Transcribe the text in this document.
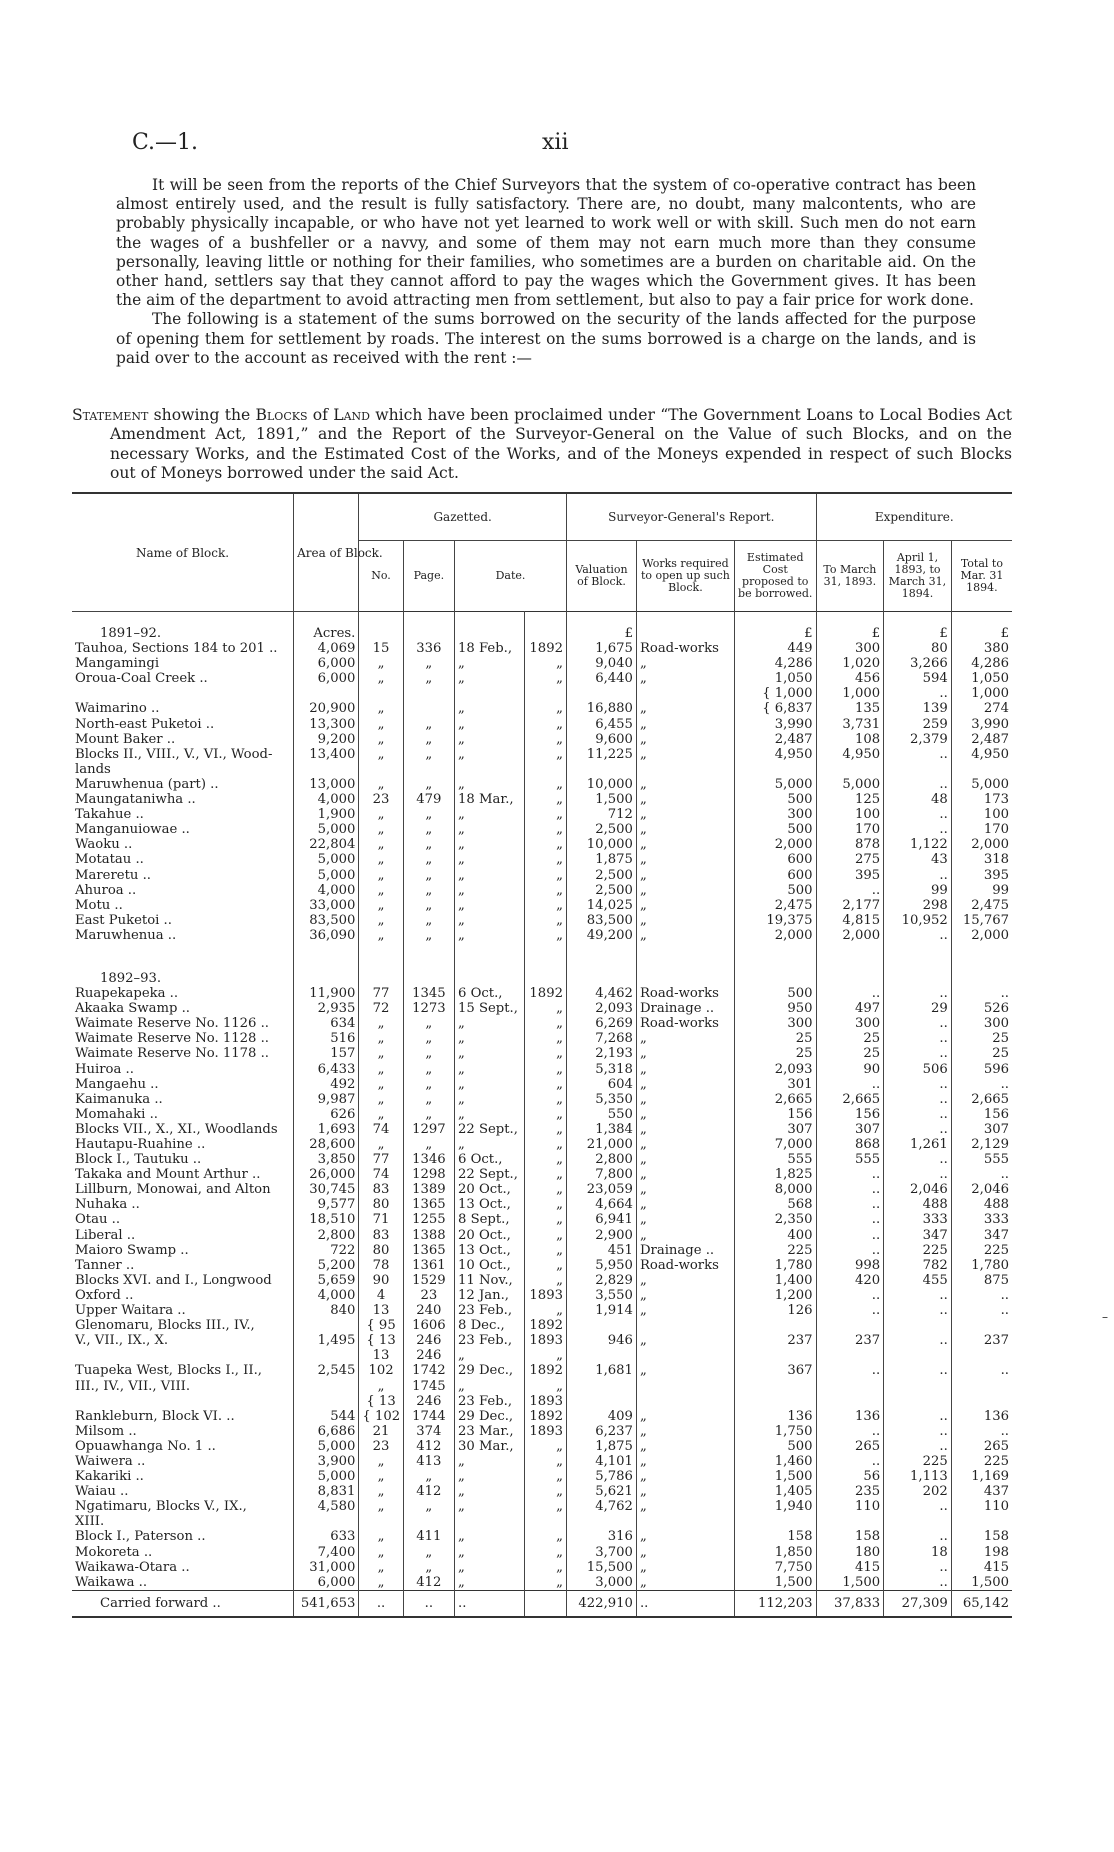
C.—1.	xii

It will be seen from the reports of the Chief Surveyors that the system of co-operative contract has been almost entirely used, and the result is fully satisfactory. There are, no doubt, many malcontents, who are probably physically incapable, or who have not yet learned to work well or with skill. Such men do not earn the wages of a bushfeller or a navvy, and some of them may not earn much more than they consume personally, leaving little or nothing for their families, who sometimes are a burden on charitable aid. On the other hand, settlers say that they cannot afford to pay the wages which the Government gives. It has been the aim of the department to avoid attracting men from settlement, but also to pay a fair price for work done.

The following is a statement of the sums borrowed on the security of the lands affected for the purpose of opening them for settlement by roads. The interest on the sums borrowed is a charge on the lands, and is paid over to the account as received with the rent :—

Statement showing the Blocks of Land which have been proclaimed under “The Government Loans to Local Bodies Act Amendment Act, 1891,” and the Report of the Surveyor-General on the Value of such Blocks, and on the necessary Works, and the Estimated Cost of the Works, and of the Moneys expended in respect of such Blocks out of Moneys borrowed under the said Act.
Name of Block.	Area of Block.	Gazetted.				Surveyor-General's Report.			Expenditure.		
		No.	Page.	Date.		Valuation of Block.	Works required to open up such Block.	Estimated Cost proposed to be borrowed.	To March 31, 1893.	April 1, 1893, to March 31, 1894.	Total to Mar. 31 1894.
1891–92.	Acres.					£		£	£	£	£
Tauhoa, Sections 184 to 201 ..	4,069	15	336	18 Feb.,	1892	1,675	Road-works	449	300	80	380
Mangamingi	6,000	„	„	„	„	9,040	„	4,286	1,020	3,266	4,286
Oroua-Coal Creek ..	6,000	„	„	„	„	6,440	„	1,050	456	594	1,050
								{ 1,000	1,000	..	1,000
Waimarino ..	20,900	„		„	„	16,880	„	{ 6,837	135	139	274
North-east Puketoi ..	13,300	„	„	„	„	6,455	„	3,990	3,731	259	3,990
Mount Baker ..	9,200	„	„	„	„	9,600	„	2,487	108	2,379	2,487
Blocks II., VIII., V., VI., Wood-	13,400	„	„	„	„	11,225	„	4,950	4,950	..	4,950
lands											
Maruwhenua (part) ..	13,000	„	„	„	„	10,000	„	5,000	5,000	..	5,000
Maungataniwha ..	4,000	23	479	18 Mar.,	„	1,500	„	500	125	48	173
Takahue ..	1,900	„	„	„	„	712	„	300	100	..	100
Manganuiowae ..	5,000	„	„	„	„	2,500	„	500	170	..	170
Waoku ..	22,804	„	„	„	„	10,000	„	2,000	878	1,122	2,000
Motatau ..	5,000	„	„	„	„	1,875	„	600	275	43	318
Mareretu ..	5,000	„	„	„	„	2,500	„	600	395	..	395
Ahuroa ..	4,000	„	„	„	„	2,500	„	500	..	99	99
Motu ..	33,000	„	„	„	„	14,025	„	2,475	2,177	298	2,475
East Puketoi ..	83,500	„	„	„	„	83,500	„	19,375	4,815	10,952	15,767
Maruwhenua ..	36,090	„	„	„	„	49,200	„	2,000	2,000	..	2,000

1892–93.											
Ruapekapeka ..	11,900	77	1345	6 Oct.,	1892	4,462	Road-works	500	..	..	..
Akaaka Swamp ..	2,935	72	1273	15 Sept.,	„	2,093	Drainage ..	950	497	29	526
Waimate Reserve No. 1126 ..	634	„	„	„	„	6,269	Road-works	300	300	..	300
Waimate Reserve No. 1128 ..	516	„	„	„	„	7,268	„	25	25	..	25
Waimate Reserve No. 1178 ..	157	„	„	„	„	2,193	„	25	25	..	25
Huiroa ..	6,433	„	„	„	„	5,318	„	2,093	90	506	596
Mangaehu ..	492	„	„	„	„	604	„	301	..	..	..
Kaimanuka ..	9,987	„	„	„	„	5,350	„	2,665	2,665	..	2,665
Momahaki ..	626	„	„	„	„	550	„	156	156	..	156
Blocks VII., X., XI., Woodlands	1,693	74	1297	22 Sept.,	„	1,384	„	307	307	..	307
Hautapu-Ruahine ..	28,600	„	„	„	„	21,000	„	7,000	868	1,261	2,129
Block I., Tautuku ..	3,850	77	1346	6 Oct.,	„	2,800	„	555	555	..	555
Takaka and Mount Arthur ..	26,000	74	1298	22 Sept.,	„	7,800	„	1,825	..	..	..
Lillburn, Monowai, and Alton	30,745	83	1389	20 Oct.,	„	23,059	„	8,000	..	2,046	2,046
Nuhaka ..	9,577	80	1365	13 Oct.,	„	4,664	„	568	..	488	488
Otau ..	18,510	71	1255	8 Sept.,	„	6,941	„	2,350	..	333	333
Liberal ..	2,800	83	1388	20 Oct.,	„	2,900	„	400	..	347	347
Maioro Swamp ..	722	80	1365	13 Oct.,	„	451	Drainage ..	225	..	225	225
Tanner ..	5,200	78	1361	10 Oct.,	„	5,950	Road-works	1,780	998	782	1,780
Blocks XVI. and I., Longwood	5,659	90	1529	11 Nov.,	„	2,829	„	1,400	420	455	875
Oxford ..	4,000	4	23	12 Jan.,	1893	3,550	„	1,200	..	..	..
Upper Waitara ..	840	13	240	23 Feb.,	„	1,914	„	126	..	..	..
Glenomaru, Blocks III., IV.,		{ 95	1606	8 Dec.,	1892						
V., VII., IX., X.	1,495	{ 13	246	23 Feb.,	1893	946	„	237	237	..	237
		13	246	„	„						
Tuapeka West, Blocks I., II.,	2,545	102	1742	29 Dec.,	1892	1,681	„	367	..	..	..
III., IV., VII., VIII.		„	1745	„	„						
		{ 13	246	23 Feb.,	1893						
Rankleburn, Block VI. ..	544	{ 102	1744	29 Dec.,	1892	409	„	136	136	..	136
Milsom ..	6,686	21	374	23 Mar.,	1893	6,237	„	1,750	..	..	..
Opuawhanga No. 1 ..	5,000	23	412	30 Mar.,	„	1,875	„	500	265	..	265
Waiwera ..	3,900	„	413	„	„	4,101	„	1,460	..	225	225
Kakariki ..	5,000	„	„	„	„	5,786	„	1,500	56	1,113	1,169
Waiau ..	8,831	„	412	„	„	5,621	„	1,405	235	202	437
Ngatimaru, Blocks V., IX.,	4,580	„	„	„	„	4,762	„	1,940	110	..	110
XIII.											
Block I., Paterson ..	633	„	411	„	„	316	„	158	158	..	158
Mokoreta ..	7,400	„	„	„	„	3,700	„	1,850	180	18	198
Waikawa-Otara ..	31,000	„	„	„	„	15,500	„	7,750	415	..	415
Waikawa ..	6,000	„	412	„	„	3,000	„	1,500	1,500	..	1,500
Carried forward ..	541,653	..	..	..		422,910	..	112,203	37,833	27,309	65,142
–
